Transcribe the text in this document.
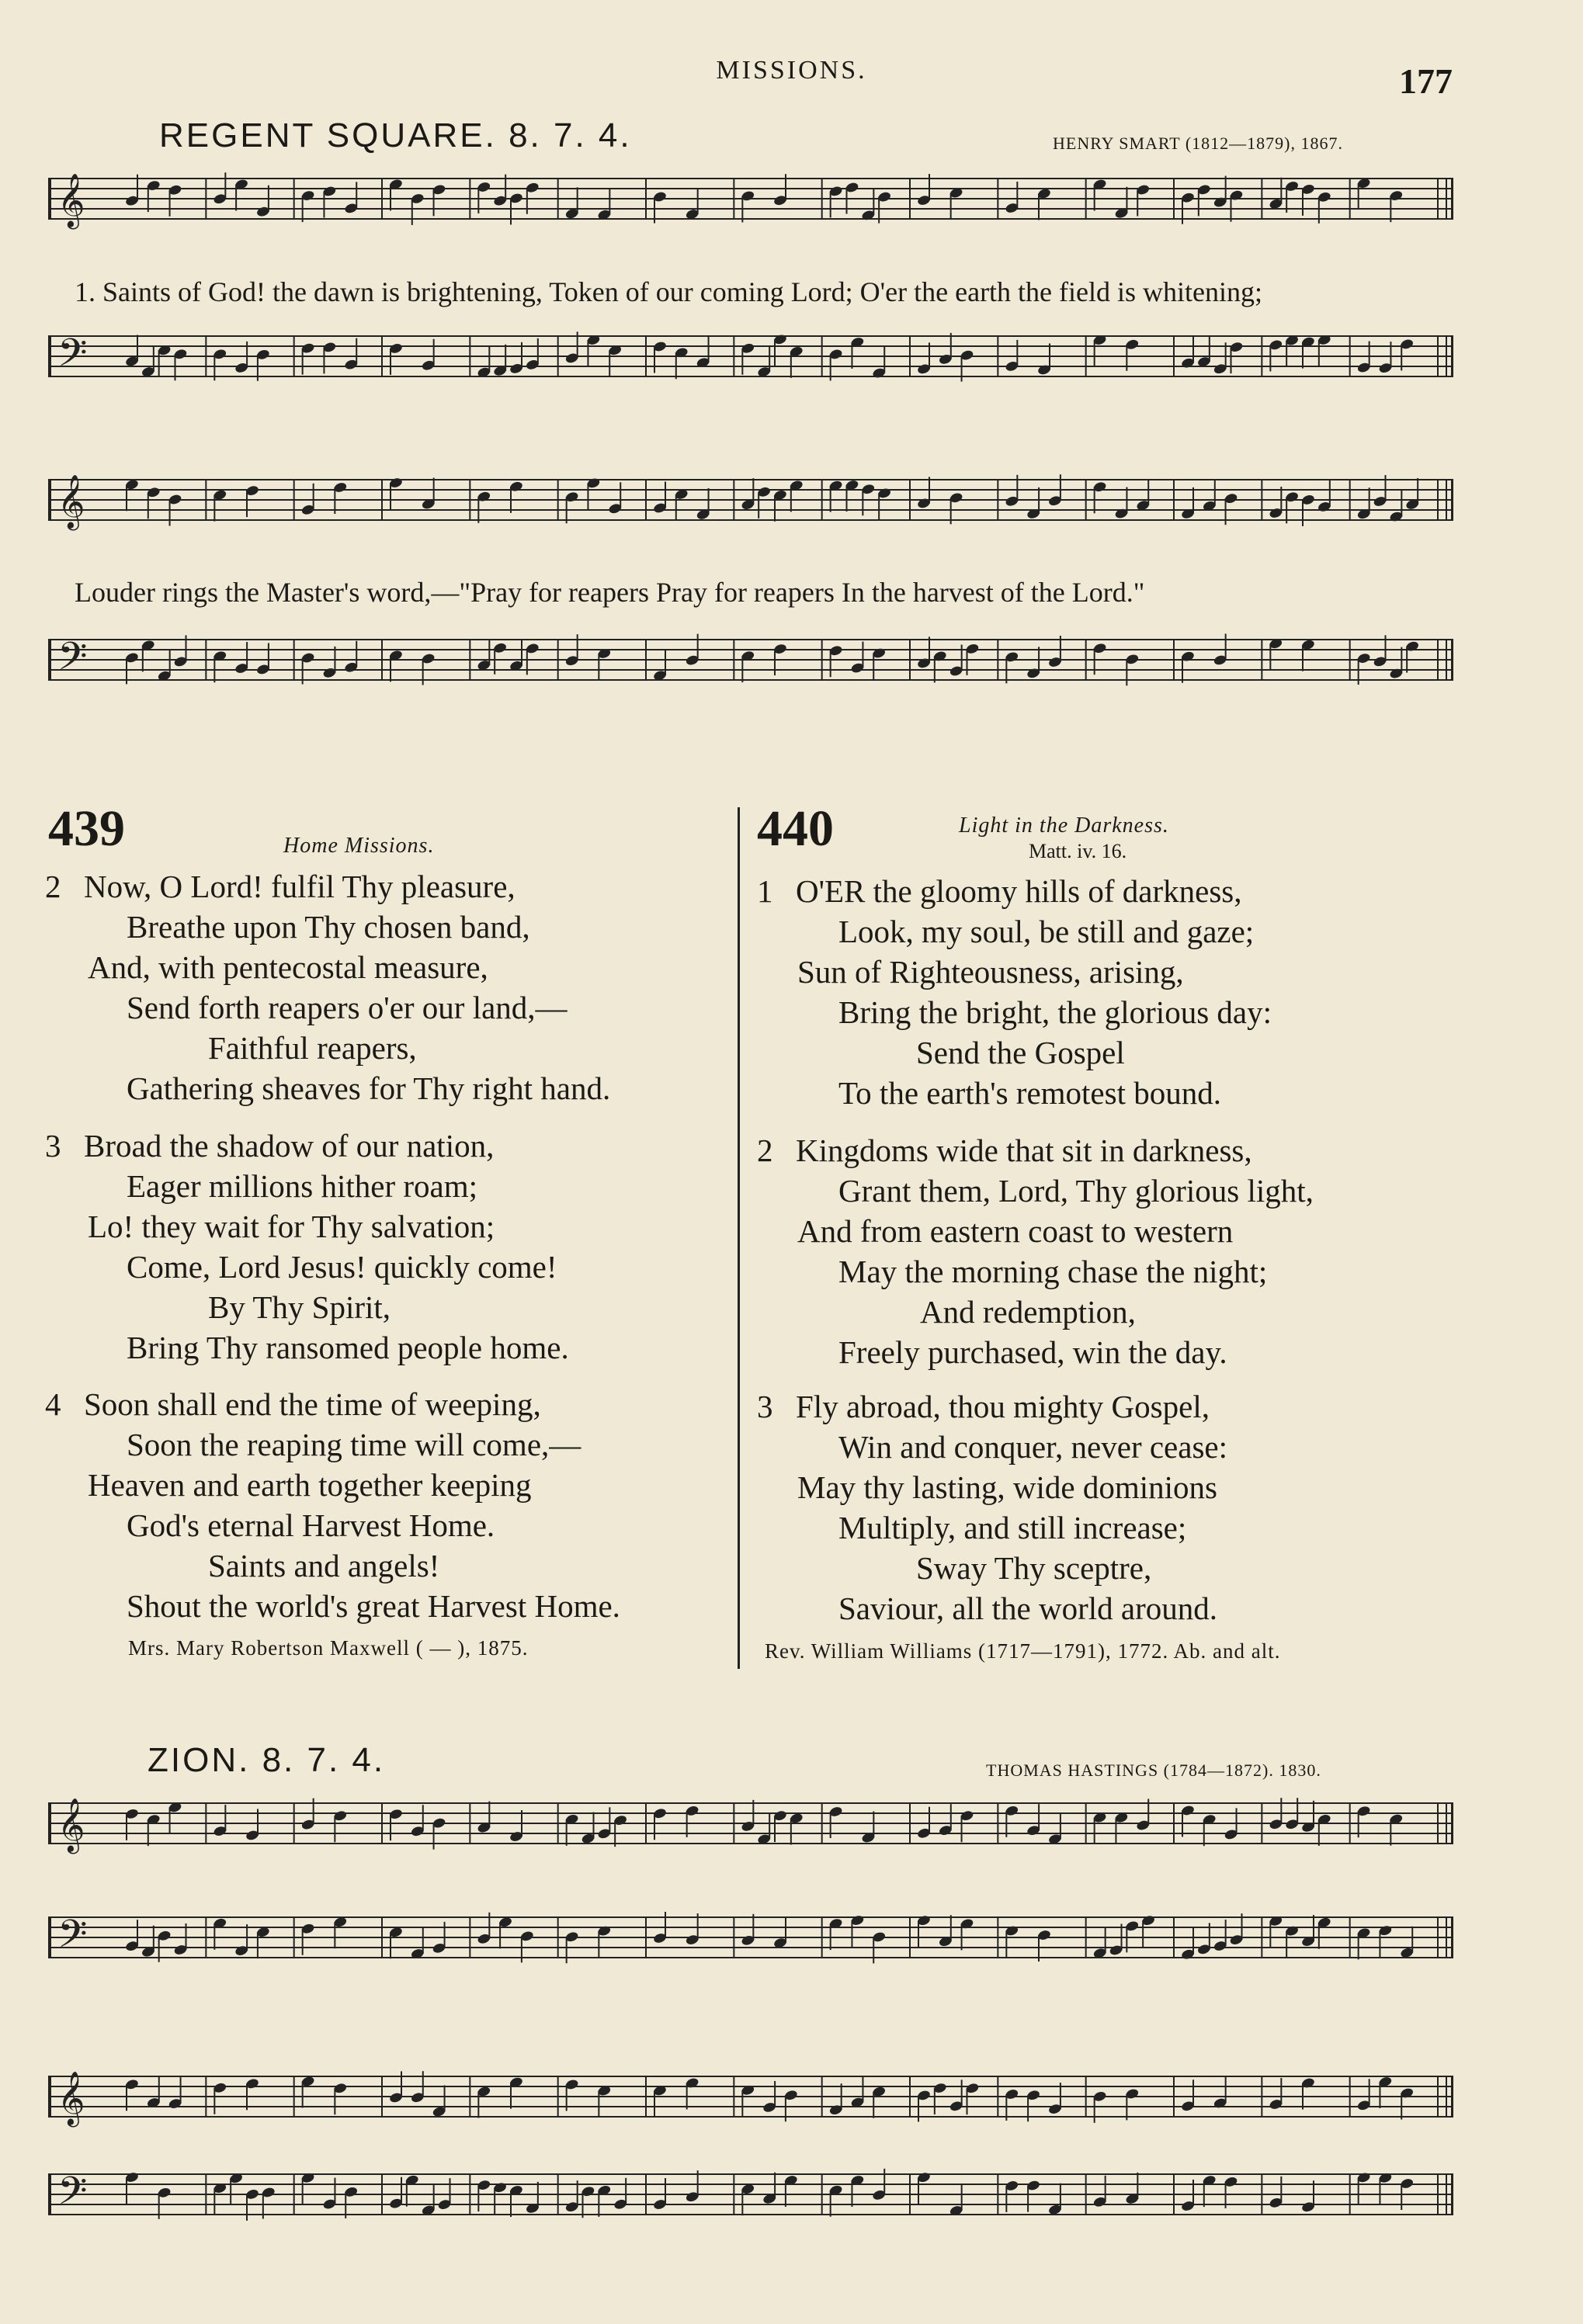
MISSIONS.	177
REGENT SQUARE. 8. 7. 4.	HENRY SMART (1812—1879), 1867.
𝄞
1. Saints of God! the dawn is brightening, Token of our coming Lord; O'er the earth the field is whitening;
𝄢
𝄞
Louder rings the Master's word,—"Pray for reapers Pray for reapers In the harvest of the Lord."
𝄢
439	Home Missions.
2 Now, O Lord! fulfil Thy pleasure,
Breathe upon Thy chosen band,
And, with pentecostal measure,
Send forth reapers o'er our land,—
Faithful reapers,
Gathering sheaves for Thy right hand.
3 Broad the shadow of our nation,
Eager millions hither roam;
Lo! they wait for Thy salvation;
Come, Lord Jesus! quickly come!
By Thy Spirit,
Bring Thy ransomed people home.
4 Soon shall end the time of weeping,
Soon the reaping time will come,—
Heaven and earth together keeping
God's eternal Harvest Home.
Saints and angels!
Shout the world's great Harvest Home.
Mrs. Mary Robertson Maxwell ( — ), 1875.
440	Light in the Darkness.
Matt. iv. 16.
1 O'ER the gloomy hills of darkness,
Look, my soul, be still and gaze;
Sun of Righteousness, arising,
Bring the bright, the glorious day:
Send the Gospel
To the earth's remotest bound.
2 Kingdoms wide that sit in darkness,
Grant them, Lord, Thy glorious light,
And from eastern coast to western
May the morning chase the night;
And redemption,
Freely purchased, win the day.
3 Fly abroad, thou mighty Gospel,
Win and conquer, never cease:
May thy lasting, wide dominions
Multiply, and still increase;
Sway Thy sceptre,
Saviour, all the world around.
Rev. William Williams (1717—1791), 1772. Ab. and alt.
ZION. 8. 7. 4.	THOMAS HASTINGS (1784—1872). 1830.
𝄞
𝄢
𝄞
𝄢
